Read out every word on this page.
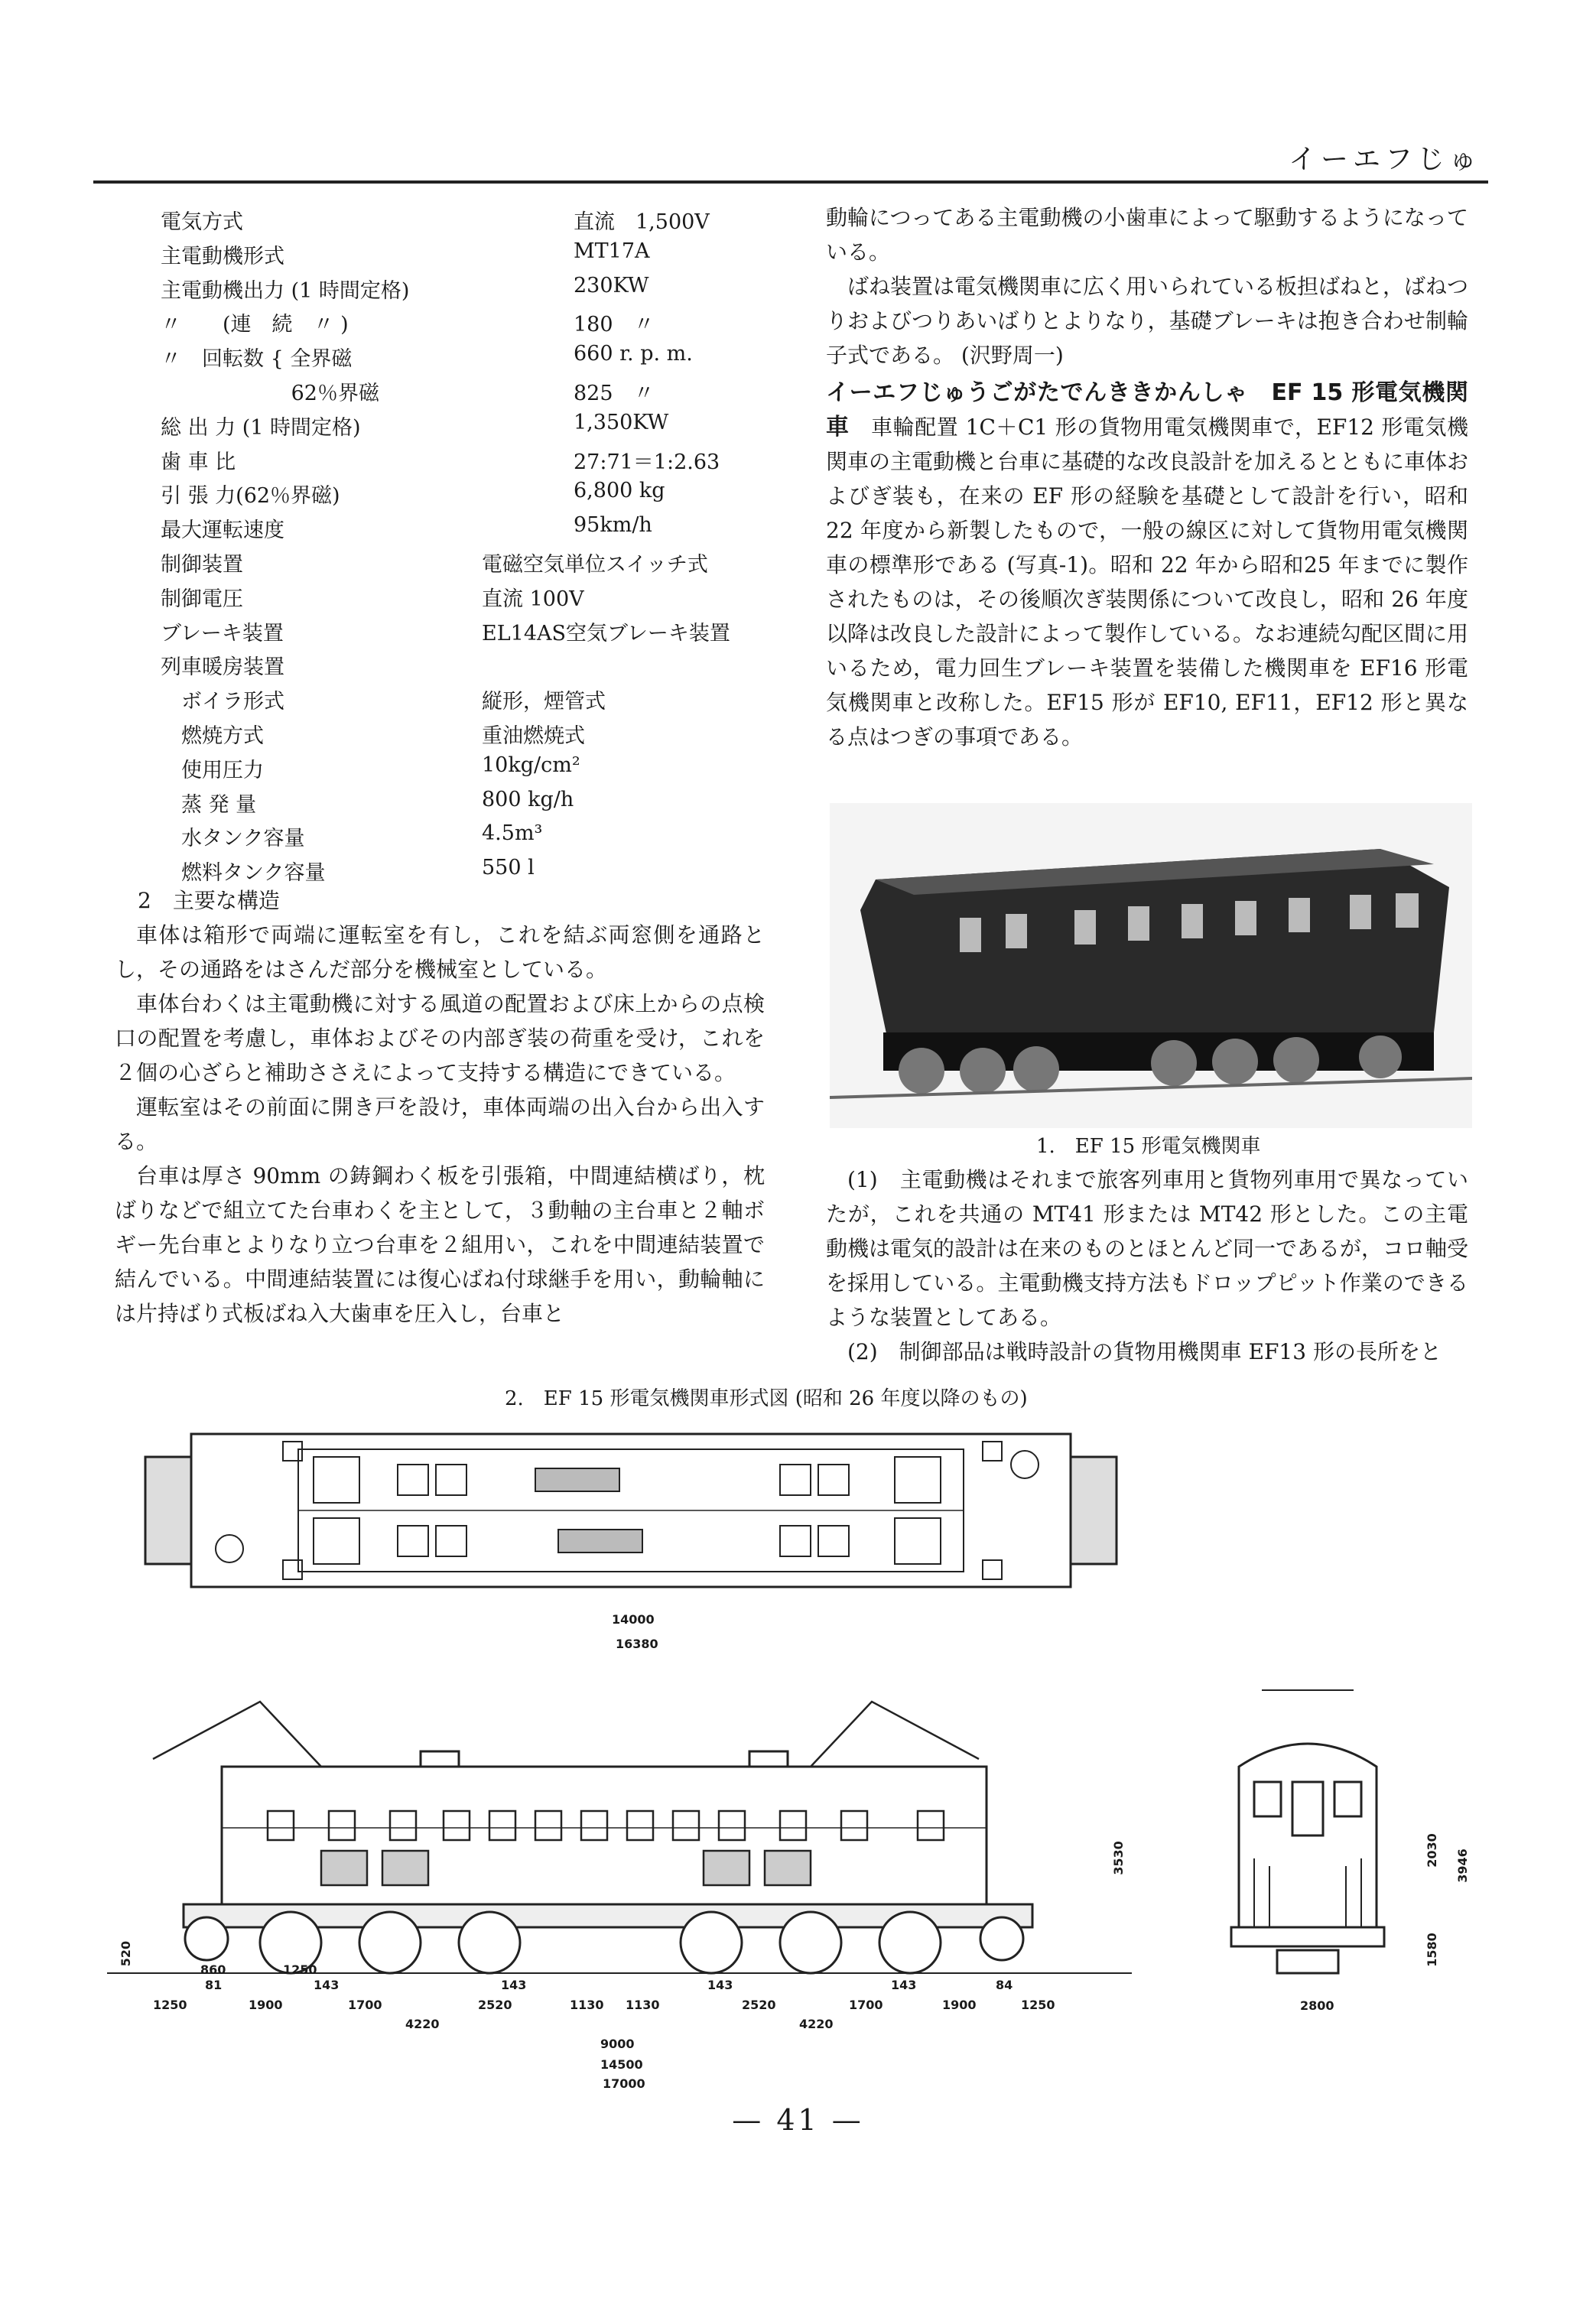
イーエフじゅ
電気方式	直流　1,500V
主電動機形式	MT17A
主電動機出力 (1 時間定格)	230KW
〃　　(連　続　〃 )	180　〃
〃　回転数 { 全界磁	660 r. p. m.
　　　　　　 62％界磁	825　〃
総 出 力 (1 時間定格)	1,350KW
歯 車 比	27:71＝1:2.63
引 張 力(62％界磁)	6,800 kg
最大運転速度	95km/h
制御装置	電磁空気単位スイッチ式
制御電圧	直流 100V
ブレーキ装置	EL14AS空気ブレーキ装置
列車暖房装置
　ボイラ形式	縦形，煙管式
　燃焼方式	重油燃焼式
　使用圧力	10kg/cm²
　蒸 発 量	800 kg/h
　水タンク容量	4.5m³
　燃料タンク容量	550 l

2　主要な構造

車体は箱形で両端に運転室を有し，これを結ぶ両窓側を通路とし，その通路をはさんだ部分を機械室としている。

車体台わくは主電動機に対する風道の配置および床上からの点検口の配置を考慮し，車体およびその内部ぎ装の荷重を受け，これを２個の心ざらと補助ささえによって支持する構造にできている。

運転室はその前面に開き戸を設け，車体両端の出入台から出入する。

台車は厚さ 90mm の鋳鋼わく板を引張箱，中間連結横ばり，枕ばりなどで組立てた台車わくを主として，３動軸の主台車と２軸ボギー先台車とよりなり立つ台車を２組用い，これを中間連結装置で結んでいる。中間連結装置には復心ばね付球継手を用い，動輪軸には片持ばり式板ばね入大歯車を圧入し，台車と

動輪につってある主電動機の小歯車によって駆動するようになっている。

ばね装置は電気機関車に広く用いられている板担ばねと，ばねつりおよびつりあいばりとよりなり，基礎ブレーキは抱き合わせ制輪子式である。 (沢野周一)

イーエフじゅうごがたでんききかんしゃ　EF 15 形電気機関車　 車輪配置 1C＋C1 形の貨物用電気機関車で，EF12 形電気機関車の主電動機と台車に基礎的な改良設計を加えるとともに車体およびぎ装も，在来の EF 形の経験を基礎として設計を行い，昭和 22 年度から新製したもので，一般の線区に対して貨物用電気機関車の標準形である (写真-1)。昭和 22 年から昭和25 年までに製作されたものは，その後順次ぎ装関係について改良し，昭和 26 年度以降は改良した設計によって製作している。なお連続勾配区間に用いるため，電力回生ブレーキ装置を装備した機関車を EF16 形電気機関車と改称した。EF15 形が EF10, EF11，EF12 形と異なる点はつぎの事項である。

1.　EF 15 形電気機関車

(1)　主電動機はそれまで旅客列車用と貨物列車用で異なっていたが，これを共通の MT41 形または MT42 形とした。この主電動機は電気的設計は在来のものとほとんど同一であるが，コロ軸受を採用している。主電動機支持方法もドロップピット作業のできるような装置としてある。

(2)　制御部品は戦時設計の貨物用機関車 EF13 形の長所をと

2.　EF 15 形電気機関車形式図 (昭和 26 年度以降のもの)
14000
16380
3530
520
860
81
1250
143	143	143	143	84
1250	1900	1700	2520	1130 1130	2520	1700	1900	1250
4220	4220
9000
14500
17000
2030 3946
1580
2800
— 41 —
